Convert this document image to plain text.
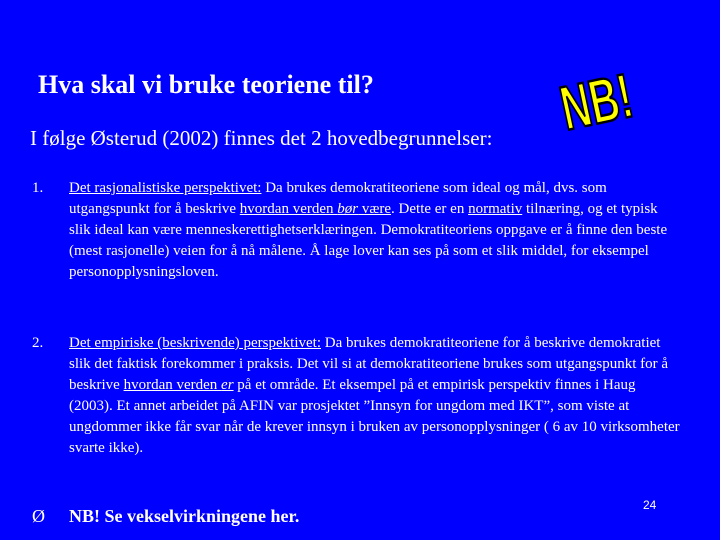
Hva skal vi bruke teoriene til?	NB!
I følge Østerud (2002) finnes det 2 hovedbegrunnelser:
1. Det rasjonalistiske perspektivet: Da brukes demokratiteoriene som ideal og mål, dvs. som utgangspunkt for å beskrive hvordan verden bør være. Dette er en normativ tilnæring, og et typisk slik ideal kan være menneskerettighetserklæringen. Demokratiteoriens oppgave er å finne den beste (mest rasjonelle) veien for å nå målene. Å lage lover kan ses på som et slik middel, for eksempel personopplysningsloven.
2. Det empiriske (beskrivende) perspektivet: Da brukes demokratiteoriene for å beskrive demokratiet slik det faktisk forekommer i praksis. Det vil si at demokratiteoriene brukes som utgangspunkt for å beskrive hvordan verden er på et område. Et eksempel på et empirisk perspektiv finnes i Haug (2003). Et annet arbeidet på AFIN var prosjektet ”Innsyn for ungdom med IKT”, som viste at ungdommer ikke får svar når de krever innsyn i bruken av personopplysninger ( 6 av 10 virksomheter svarte ikke).
Ø NB! Se vekselvirkningene her.
24
